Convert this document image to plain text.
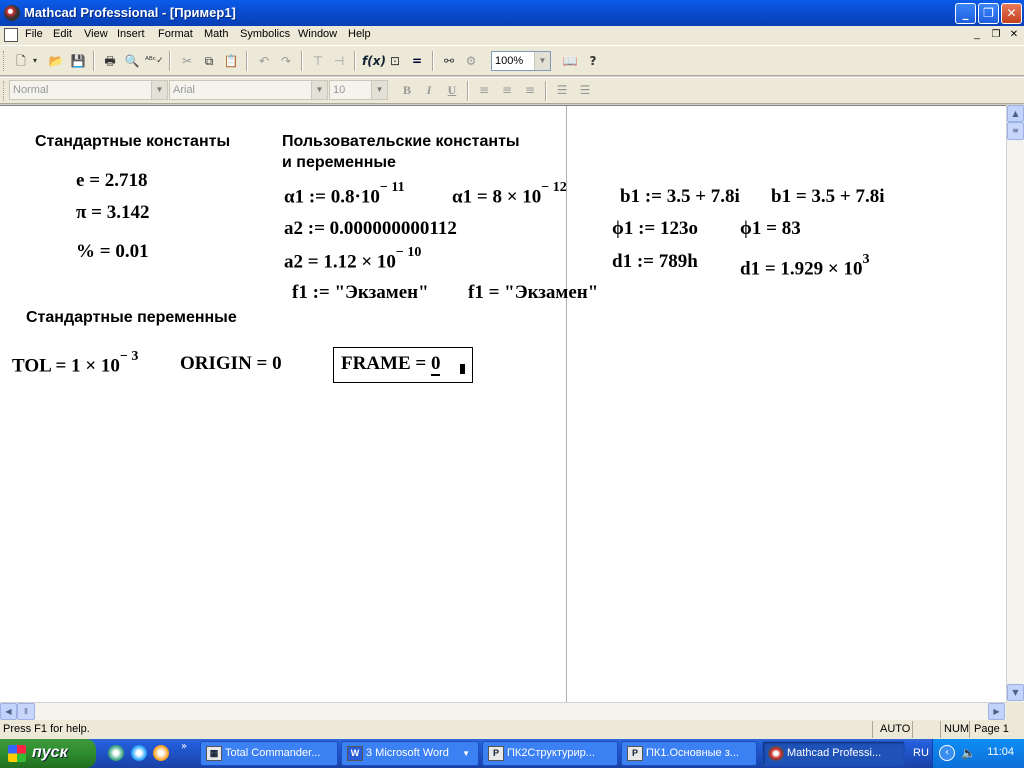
Mathcad Professional - [Пример1]	_	❐	✕
File Edit View Insert Format Math Symbolics Window Help	_	❐ ✕
🗋 ▾ 📂 💾 🖶 🔍 ᴬᴮᶜ✓	✂	⧉ 📋	↶ ↷	⊤ ⊣	f(x) ⊡ =	⚯ ⚙	100%	▼ 📖	?
Normal	▼ Arial	▼ 10	▼	B	I	U	≡	≡	≡	☰	☰
Стандартные константы	Пользовательские константы
и переменные
Стандартные переменные
e = 2.718
π = 3.142
% = 0.01
α1 := $0.8\cdot 10^{- 11}$ $\alpha 1 = 8 \times 10^{- 12}$
a2 := 0.000000000112
$a2 = 1.12 \times 10^{- 10}$
f1 := "Экзамен" f1 = "Экзамен"
b1 := 3.5 + 7.8i b1 = 3.5 + 7.8i
ϕ1 := 123o ϕ1 = 83
d1 := 789h $d1 = 1.929 \times 10^3$
TOL = $1 \times 10^{- 3}$ ORIGIN = 0	FRAME = 0
▲
≡
▼
◀	⦀	▶
Press F1 for help.	AUTO	NUM Page 1
пуск	»
▦ Total Commander...	W 3 Microsoft Word ▼	P ПК2Структурир...	P ПК1.Основные з...	Mathcad Professi...	RU	‹	🔈 11:04
